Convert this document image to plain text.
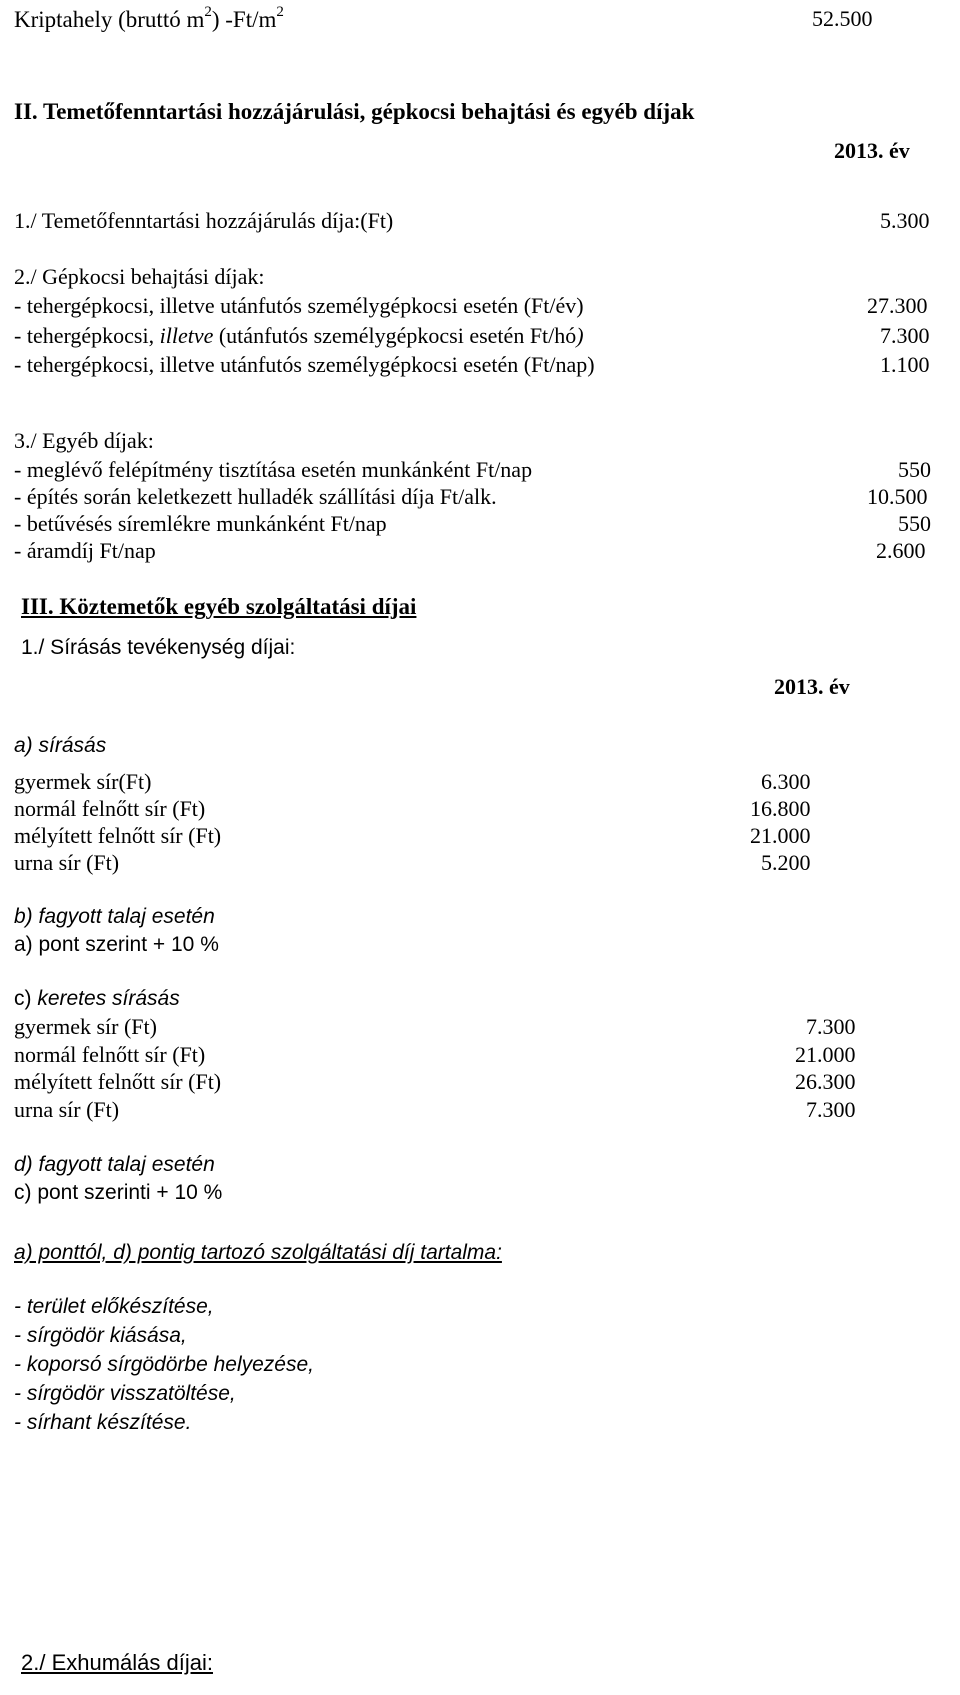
Kriptahely (bruttó $m^2$) $-Ft/m^2$	52.500
II. Temetőfenntartási hozzájárulási, gépkocsi behajtási és egyéb díjak
2013. év
1./ Temetőfenntartási hozzájárulás díja:(Ft)	5.300
2./ Gépkocsi behajtási díjak:
- tehergépkocsi, illetve utánfutós személygépkocsi esetén (Ft/év)	27.300
- tehergépkocsi, illetve (utánfutós személygépkocsi esetén Ft/hó)	7.300
- tehergépkocsi, illetve utánfutós személygépkocsi esetén (Ft/nap)	1.100
3./ Egyéb díjak:
- meglévő felépítmény tisztítása esetén munkánként Ft/nap	550
- építés során keletkezett hulladék szállítási díja Ft/alk.	10.500
- betűvésés síremlékre munkánként Ft/nap	550
- áramdíj Ft/nap	2.600
III. Köztemetők egyéb szolgáltatási díjai
1./ Sírásás tevékenység díjai:
2013. év
a) sírásás
gyermek sír(Ft)	6.300
normál felnőtt sír (Ft)	16.800
mélyített felnőtt sír (Ft)	21.000
urna sír (Ft)	5.200
b) fagyott talaj esetén
a) pont szerint + 10 %
c) keretes sírásás
gyermek sír (Ft)	7.300
normál felnőtt sír (Ft)	21.000
mélyített felnőtt sír (Ft)	26.300
urna sír (Ft)	7.300
d) fagyott talaj esetén
c) pont szerinti + 10 %
a) ponttól, d) pontig tartozó szolgáltatási díj tartalma:
- terület előkészítése,
- sírgödör kiásása,
- koporsó sírgödörbe helyezése,
- sírgödör visszatöltése,
- sírhant készítése.
2./ Exhumálás díjai:
